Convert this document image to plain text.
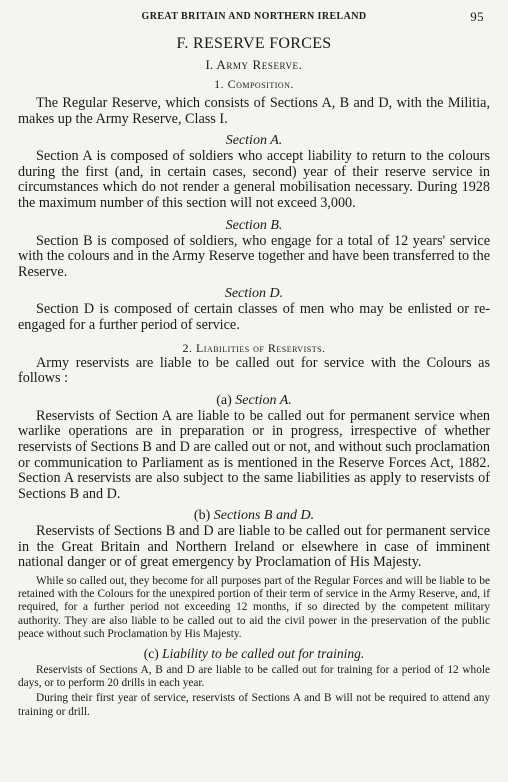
GREAT BRITAIN AND NORTHERN IRELAND	95
F. RESERVE FORCES
I. Army Reserve.
1. Composition.

The Regular Reserve, which consists of Sections A, B and D, with the Militia, makes up the Army Reserve, Class I.

Section A.

Section A is composed of soldiers who accept liability to return to the colours during the first (and, in certain cases, second) year of their reserve service in circumstances which do not render a general mobilisation necessary. During 1928 the maximum number of this section will not exceed 3,000.

Section B.

Section B is composed of soldiers, who engage for a total of 12 years' service with the colours and in the Army Reserve together and have been transferred to the Reserve.

Section D.

Section D is composed of certain classes of men who may be enlisted or re-engaged for a further period of service.

2. Liabilities of Reservists.

Army reservists are liable to be called out for service with the Colours as follows :

(a) Section A.

Reservists of Section A are liable to be called out for permanent service when warlike operations are in preparation or in progress, irrespective of whether reservists of Sections B and D are called out or not, and without such proclamation or communication to Parliament as is mentioned in the Reserve Forces Act, 1882. Section A reservists are also subject to the same liabilities as apply to reservists of Sections B and D.

(b) Sections B and D.

Reservists of Sections B and D are liable to be called out for permanent service in the Great Britain and Northern Ireland or elsewhere in case of imminent national danger or of great emergency by Proclamation of His Majesty.

While so called out, they become for all purposes part of the Regular Forces and will be liable to be retained with the Colours for the unexpired portion of their term of service in the Army Reserve, and, if required, for a further period not exceeding 12 months, if so directed by the competent military authority. They are also liable to be called out to aid the civil power in the preservation of the public peace without such Proclamation by His Majesty.

(c) Liability to be called out for training.

Reservists of Sections A, B and D are liable to be called out for training for a period of 12 whole days, or to perform 20 drills in each year.

During their first year of service, reservists of Sections A and B will not be required to attend any training or drill.
